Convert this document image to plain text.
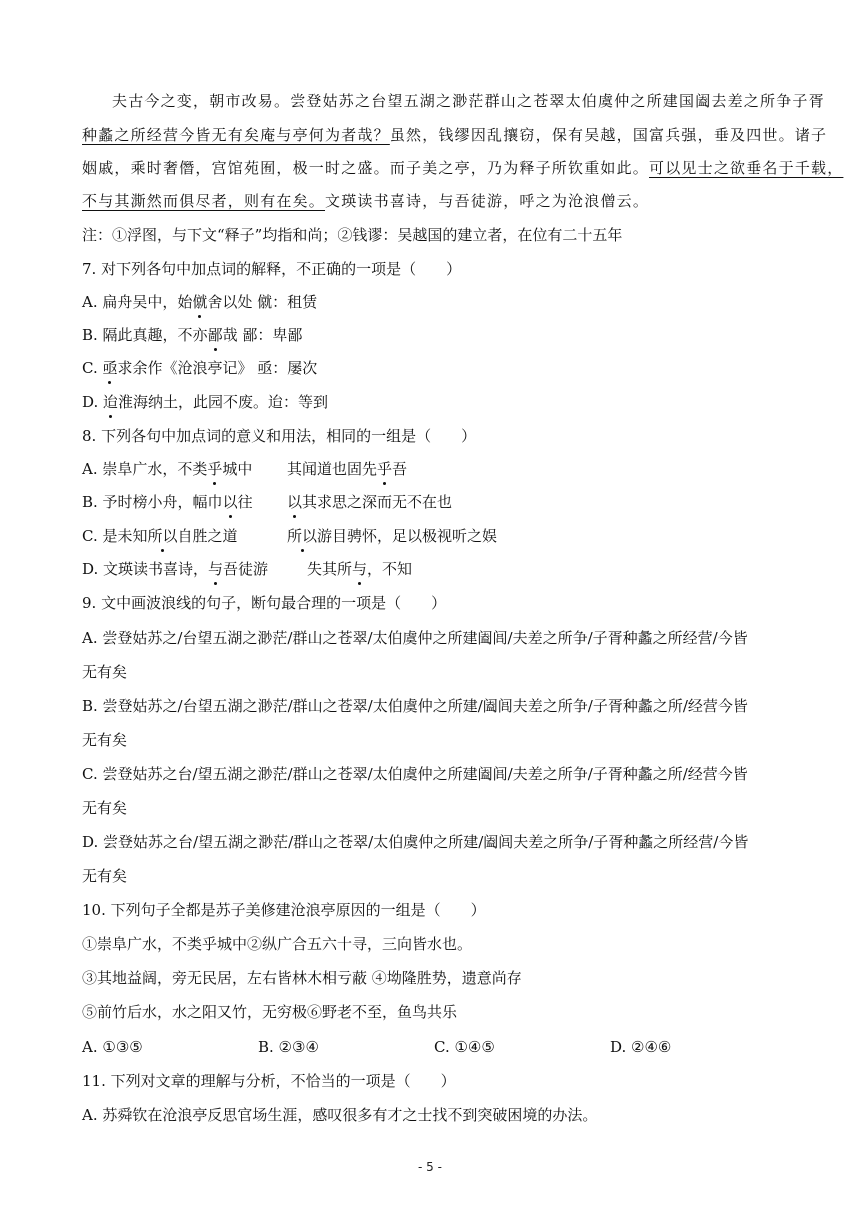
夫古今之变，朝市改易。尝登姑苏之台望五湖之渺茫群山之苍翠太伯虞仲之所建国阖去差之所争子胥
种蠡之所经营今皆无有矣庵与亭何为者哉？虽然，钱缪因乱攘窃，保有吴越，国富兵强，垂及四世。诸子
姻戚，乘时奢僭，宫馆苑囿，极一时之盛。而子美之亭，乃为释子所钦重如此。可以见士之欲垂名于千载，
不与其澌然而俱尽者，则有在矣。文瑛读书喜诗，与吾徒游，呼之为沧浪僧云。
注：①浮图，与下文“释子”均指和尚；②钱谬：吴越国的建立者，在位有二十五年
7. 对下列各句中加点词的解释，不正确的一项是（　　）
A. 扁舟吴中，始僦舍以处 僦：租赁
B. 隔此真趣，不亦鄙哉 鄙：卑鄙
C. 亟求余作《沧浪亭记》 亟：屡次
D. 迨淮海纳土，此园不废。迨：等到
8. 下列各句中加点词的意义和用法，相同的一组是（　　）
A. 崇阜广水，不类乎城中 其闻道也固先乎吾
B. 予时榜小舟，幅巾以往 以其求思之深而无不在也
C. 是未知所以自胜之道	所以游目骋怀，足以极视听之娱
D. 文瑛读书喜诗，与吾徒游	失其所与，不知
9. 文中画波浪线的句子，断句最合理的一项是（　　）
A. 尝登姑苏之/台望五湖之渺茫/群山之苍翠/太伯虞仲之所建阖闾/夫差之所争/子胥种蠡之所经营/今皆
无有矣
B. 尝登姑苏之/台望五湖之渺茫/群山之苍翠/太伯虞仲之所建/阖闾夫差之所争/子胥种蠡之所/经营今皆
无有矣
C. 尝登姑苏之台/望五湖之渺茫/群山之苍翠/太伯虞仲之所建阖闾/夫差之所争/子胥种蠡之所/经营今皆
无有矣
D. 尝登姑苏之台/望五湖之渺茫/群山之苍翠/太伯虞仲之所建/阖闾夫差之所争/子胥种蠡之所经营/今皆
无有矣
10. 下列句子全都是苏子美修建沧浪亭原因的一组是（　　）
①崇阜广水，不类乎城中②纵广合五六十寻，三向皆水也。
③其地益阔，旁无民居，左右皆林木相亏蔽 ④坳隆胜势，遗意尚存
⑤前竹后水，水之阳又竹，无穷极⑥野老不至，鱼鸟共乐
A. ①③⑤	B. ②③④	C. ①④⑤	D. ②④⑥
11. 下列对文章的理解与分析，不恰当的一项是（　　）
A. 苏舜钦在沧浪亭反思官场生涯，感叹很多有才之士找不到突破困境的办法。
- 5 -
